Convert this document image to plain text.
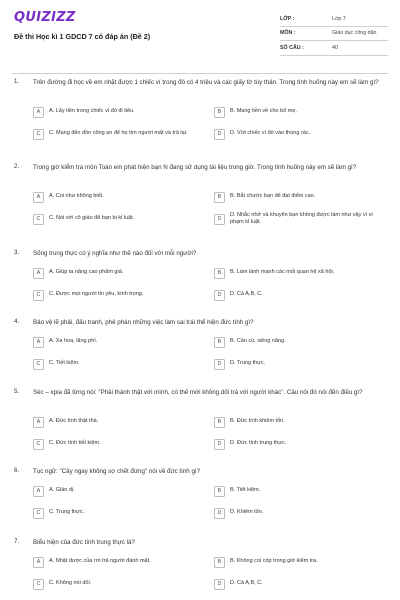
QUIZIZZ
Đề thi Học kì 1 GDCD 7 có đáp án (Đề 2)
LỚP :	Lớp 7
MÔN :	Giáo dục công dân
SỐ CÂU :	40
1. Trên đường đi học về em nhặt được 1 chiếc ví trong đó có 4 triệu và các giấy tờ tùy thân. Trong tình huống này em sẽ làm gì?
A	A. Lấy tiền trong chiếc ví đó đi tiêu.	B	B. Mang tiền về cho bố mẹ.
C	C. Mang đến đồn công an để họ tìm người mất và trả lại.	D	D. Vứt chiếc ví đó vào thùng rác.
2. Trong giờ kiểm tra môn Toán em phát hiện bạn N đang sử dụng tài liệu trong giờ. Trong tình huống này em sẽ làm gì?
A	A. Coi như không biết.	B	B. Bắt chước bạn để đạt điểm cao.
C	C. Nói với cô giáo để bạn bị kỉ luật.	D
D. Nhắc nhở và khuyên bạn không được làm như vậy vì vi phạm kỉ luật.
3. Sống trung thực có ý nghĩa như thế nào đối với mỗi người?
A	A. Giúp ta nâng cao phẩm giá.	B	B. Làm lành mạnh các mối quan hệ xã hội.
C	C. Được mọi người tin yêu, kính trọng.	D	D. Cả A,B, C.
4. Bảo vệ lẽ phải, đấu tranh, phê phán những việc làm sai trái thể hiện đức tính gì?
A	A. Xa hoa, lãng phí.	B	B. Cần cù, siêng năng.
C	C. Tiết kiệm.	D	D. Trung thực.
5. Séc – xpia đã từng nói: "Phải thành thật với mình, có thế mới không dối trá với người khác". Câu nói đó nói đến điều gì?
A	A. Đức tính thật thà.	B	B. Đức tính khiêm tốn.
C	C. Đức tính tiết kiệm.	D	D. Đức tính trung thực.
6. Tục ngữ: "Cây ngay không sợ chết đứng" nói về đức tính gì?
A	A. Giản dị.	B	B. Tiết kiệm.
C	C. Trung thực.	D	D. Khiêm tốn.
7. Biểu hiện của đức tính trung thực là?
A	A. Nhặt được của rơi trả người đánh mất.	B	B. Không coi cóp trong giờ kiểm tra.
C	C. Không nói dối.	D	D. Cả A,B, C.
